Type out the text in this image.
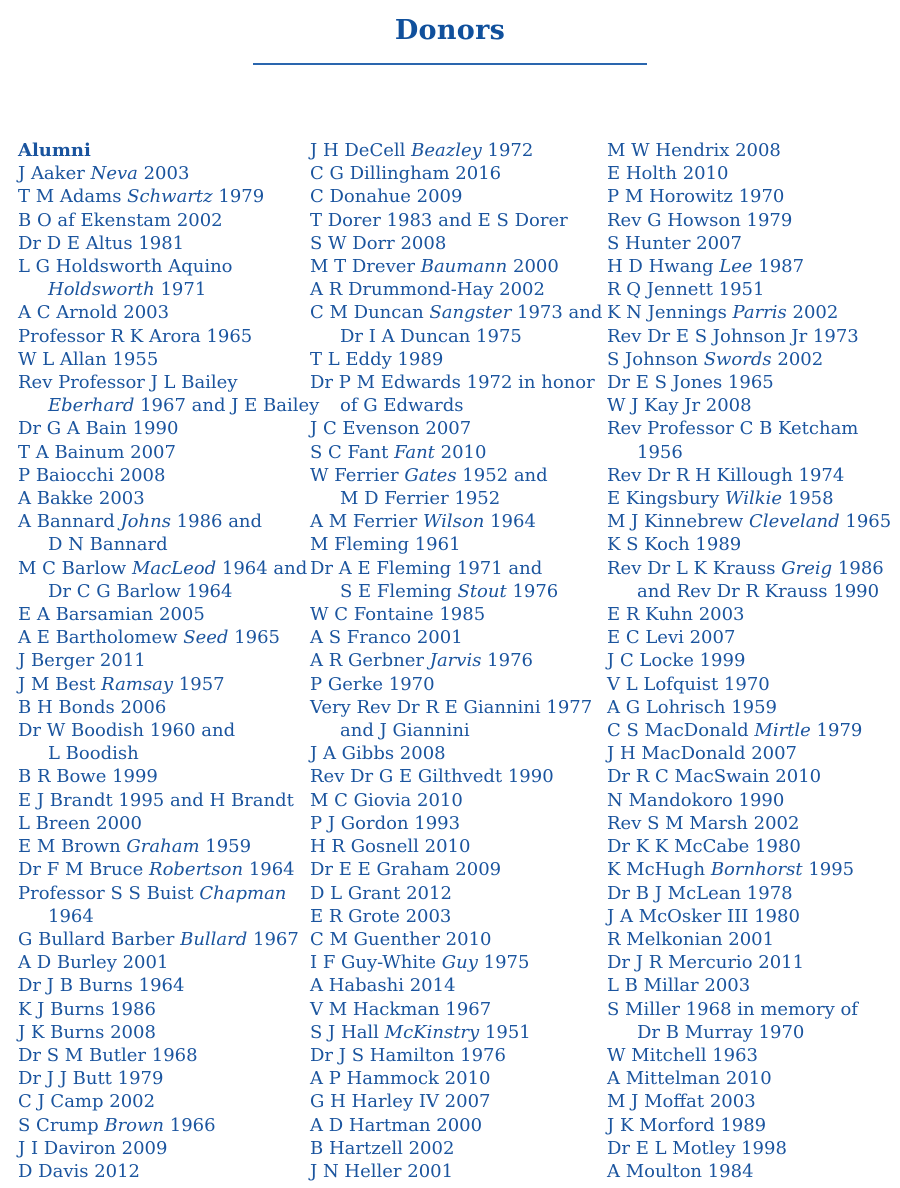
Donors
Alumni
J Aaker Neva 2003
T M Adams Schwartz 1979
B O af Ekenstam 2002
Dr D E Altus 1981
L G Holdsworth Aquino
Holdsworth 1971
A C Arnold 2003
Professor R K Arora 1965
W L Allan 1955
Rev Professor J L Bailey
Eberhard 1967 and J E Bailey
Dr G A Bain 1990
T A Bainum 2007
P Baiocchi 2008
A Bakke 2003
A Bannard Johns 1986 and
D N Bannard
M C Barlow MacLeod 1964 and
Dr C G Barlow 1964
E A Barsamian 2005
A E Bartholomew Seed 1965
J Berger 2011
J M Best Ramsay 1957
B H Bonds 2006
Dr W Boodish 1960 and
L Boodish
B R Bowe 1999
E J Brandt 1995 and H Brandt
L Breen 2000
E M Brown Graham 1959
Dr F M Bruce Robertson 1964
Professor S S Buist Chapman
1964
G Bullard Barber Bullard 1967
A D Burley 2001
Dr J B Burns 1964
K J Burns 1986
J K Burns 2008
Dr S M Butler 1968
Dr J J Butt 1979
C J Camp 2002
S Crump Brown 1966
J I Daviron 2009
D Davis 2012
J H DeCell Beazley 1972
C G Dillingham 2016
C Donahue 2009
T Dorer 1983 and E S Dorer
S W Dorr 2008
M T Drever Baumann 2000
A R Drummond-Hay 2002
C M Duncan Sangster 1973 and
Dr I A Duncan 1975
T L Eddy 1989
Dr P M Edwards 1972 in honor
of G Edwards
J C Evenson 2007
S C Fant Fant 2010
W Ferrier Gates 1952 and
M D Ferrier 1952
A M Ferrier Wilson 1964
M Fleming 1961
Dr A E Fleming 1971 and
S E Fleming Stout 1976
W C Fontaine 1985
A S Franco 2001
A R Gerbner Jarvis 1976
P Gerke 1970
Very Rev Dr R E Giannini 1977
and J Giannini
J A Gibbs 2008
Rev Dr G E Gilthvedt 1990
M C Giovia 2010
P J Gordon 1993
H R Gosnell 2010
Dr E E Graham 2009
D L Grant 2012
E R Grote 2003
C M Guenther 2010
I F Guy-White Guy 1975
A Habashi 2014
V M Hackman 1967
S J Hall McKinstry 1951
Dr J S Hamilton 1976
A P Hammock 2010
G H Harley IV 2007
A D Hartman 2000
B Hartzell 2002
J N Heller 2001
M W Hendrix 2008
E Holth 2010
P M Horowitz 1970
Rev G Howson 1979
S Hunter 2007
H D Hwang Lee 1987
R Q Jennett 1951
K N Jennings Parris 2002
Rev Dr E S Johnson Jr 1973
S Johnson Swords 2002
Dr E S Jones 1965
W J Kay Jr 2008
Rev Professor C B Ketcham
1956
Rev Dr R H Killough 1974
E Kingsbury Wilkie 1958
M J Kinnebrew Cleveland 1965
K S Koch 1989
Rev Dr L K Krauss Greig 1986
and Rev Dr R Krauss 1990
E R Kuhn 2003
E C Levi 2007
J C Locke 1999
V L Lofquist 1970
A G Lohrisch 1959
C S MacDonald Mirtle 1979
J H MacDonald 2007
Dr R C MacSwain 2010
N Mandokoro 1990
Rev S M Marsh 2002
Dr K K McCabe 1980
K McHugh Bornhorst 1995
Dr B J McLean 1978
J A McOsker III 1980
R Melkonian 2001
Dr J R Mercurio 2011
L B Millar 2003
S Miller 1968 in memory of
Dr B Murray 1970
W Mitchell 1963
A Mittelman 2010
M J Moffat 2003
J K Morford 1989
Dr E L Motley 1998
A Moulton 1984
